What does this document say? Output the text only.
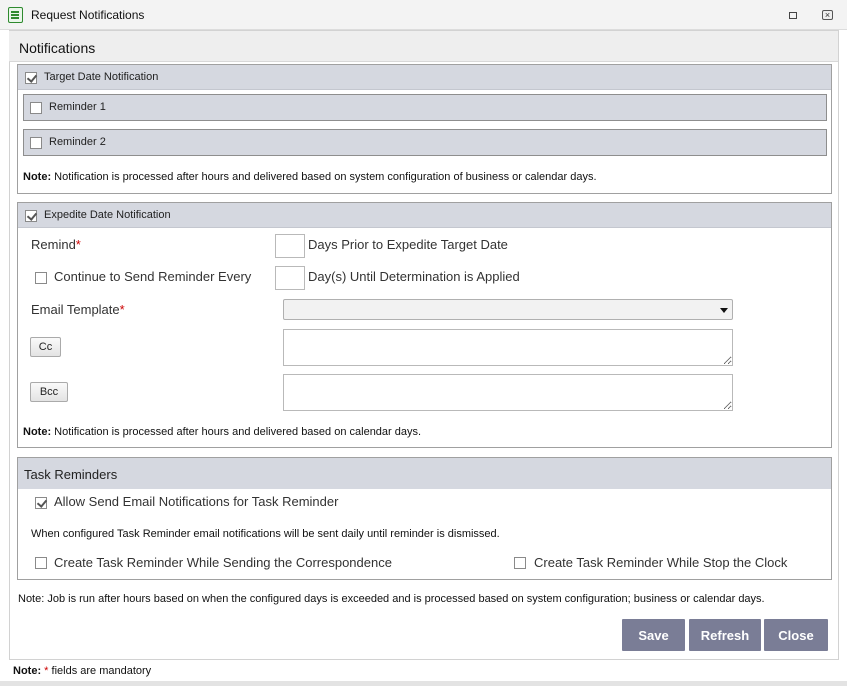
Request Notifications	×
Notifications
Target Date Notification
Reminder 1
Reminder 2
Note: Notification is processed after hours and delivered based on system configuration of business or calendar days.
Expedite Date Notification
Remind*	Days Prior to Expedite Target Date
Continue to Send Reminder Every	Day(s) Until Determination is Applied
Email Template*
Cc
Bcc
Note: Notification is processed after hours and delivered based on calendar days.
Task Reminders
Allow Send Email Notifications for Task Reminder
When configured Task Reminder email notifications will be sent daily until reminder is dismissed.
Create Task Reminder While Sending the Correspondence	Create Task Reminder While Stop the Clock
Note: Job is run after hours based on when the configured days is exceeded and is processed based on system configuration; business or calendar days.
Save	Refresh	Close
Note: * fields are mandatory
